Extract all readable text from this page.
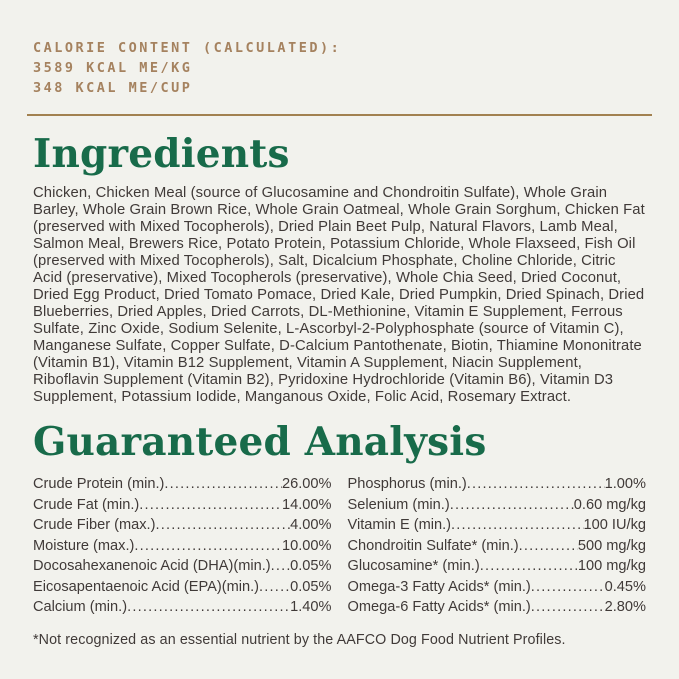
CALORIE CONTENT (CALCULATED):
3589 KCAL ME/KG
348 KCAL ME/CUP
Ingredients

Chicken, Chicken Meal (source of Glucosamine and Chondroitin Sulfate), Whole Grain Barley, Whole Grain Brown Rice, Whole Grain Oatmeal, Whole Grain Sorghum, Chicken Fat (preserved with Mixed Tocopherols), Dried Plain Beet Pulp, Natural Flavors, Lamb Meal, Salmon Meal, Brewers Rice, Potato Protein, Potassium Chloride, Whole Flaxseed, Fish Oil (preserved with Mixed Tocopherols), Salt, Dicalcium Phosphate, Choline Chloride, Citric Acid (preservative), Mixed Tocopherols (preservative), Whole Chia Seed, Dried Coconut, Dried Egg Product, Dried Tomato Pomace, Dried Kale, Dried Pumpkin, Dried Spinach, Dried Blueberries, Dried Apples, Dried Carrots, DL-Methionine, Vitamin E Supplement, Ferrous Sulfate, Zinc Oxide, Sodium Selenite, L-Ascorbyl-2-Polyphosphate (source of Vitamin C), Manganese Sulfate, Copper Sulfate, D-Calcium Pantothenate, Biotin, Thiamine Mononitrate (Vitamin B1), Vitamin B12 Supplement, Vitamin A Supplement, Niacin Supplement, Riboflavin Supplement (Vitamin B2), Pyridoxine Hydrochloride (Vitamin B6), Vitamin D3 Supplement, Potassium Iodide, Manganous Oxide, Folic Acid, Rosemary Extract.

Guaranteed Analysis
Crude Protein (min.) .....	26.00%
Crude Fat (min.) .....	14.00%
Crude Fiber (max.) .....	4.00%
Moisture (max.) .....	10.00%
Docosahexanenoic Acid (DHA)(min.) ..... 0.05%
Eicosapentaenoic Acid (EPA)(min.) ..... 0.05%
Calcium (min.) .....	1.40%
Phosphorus (min.) .....	1.00%
Selenium (min.) .....	0.60 mg/kg
Vitamin E (min.) .....	100 IU/kg
Chondroitin Sulfate* (min.) .....	500 mg/kg
Glucosamine* (min.) .....	100 mg/kg
Omega-3 Fatty Acids* (min.) .....	0.45%
Omega-6 Fatty Acids* (min.) .....	2.80%

*Not recognized as an essential nutrient by the AAFCO Dog Food Nutrient Profiles.
